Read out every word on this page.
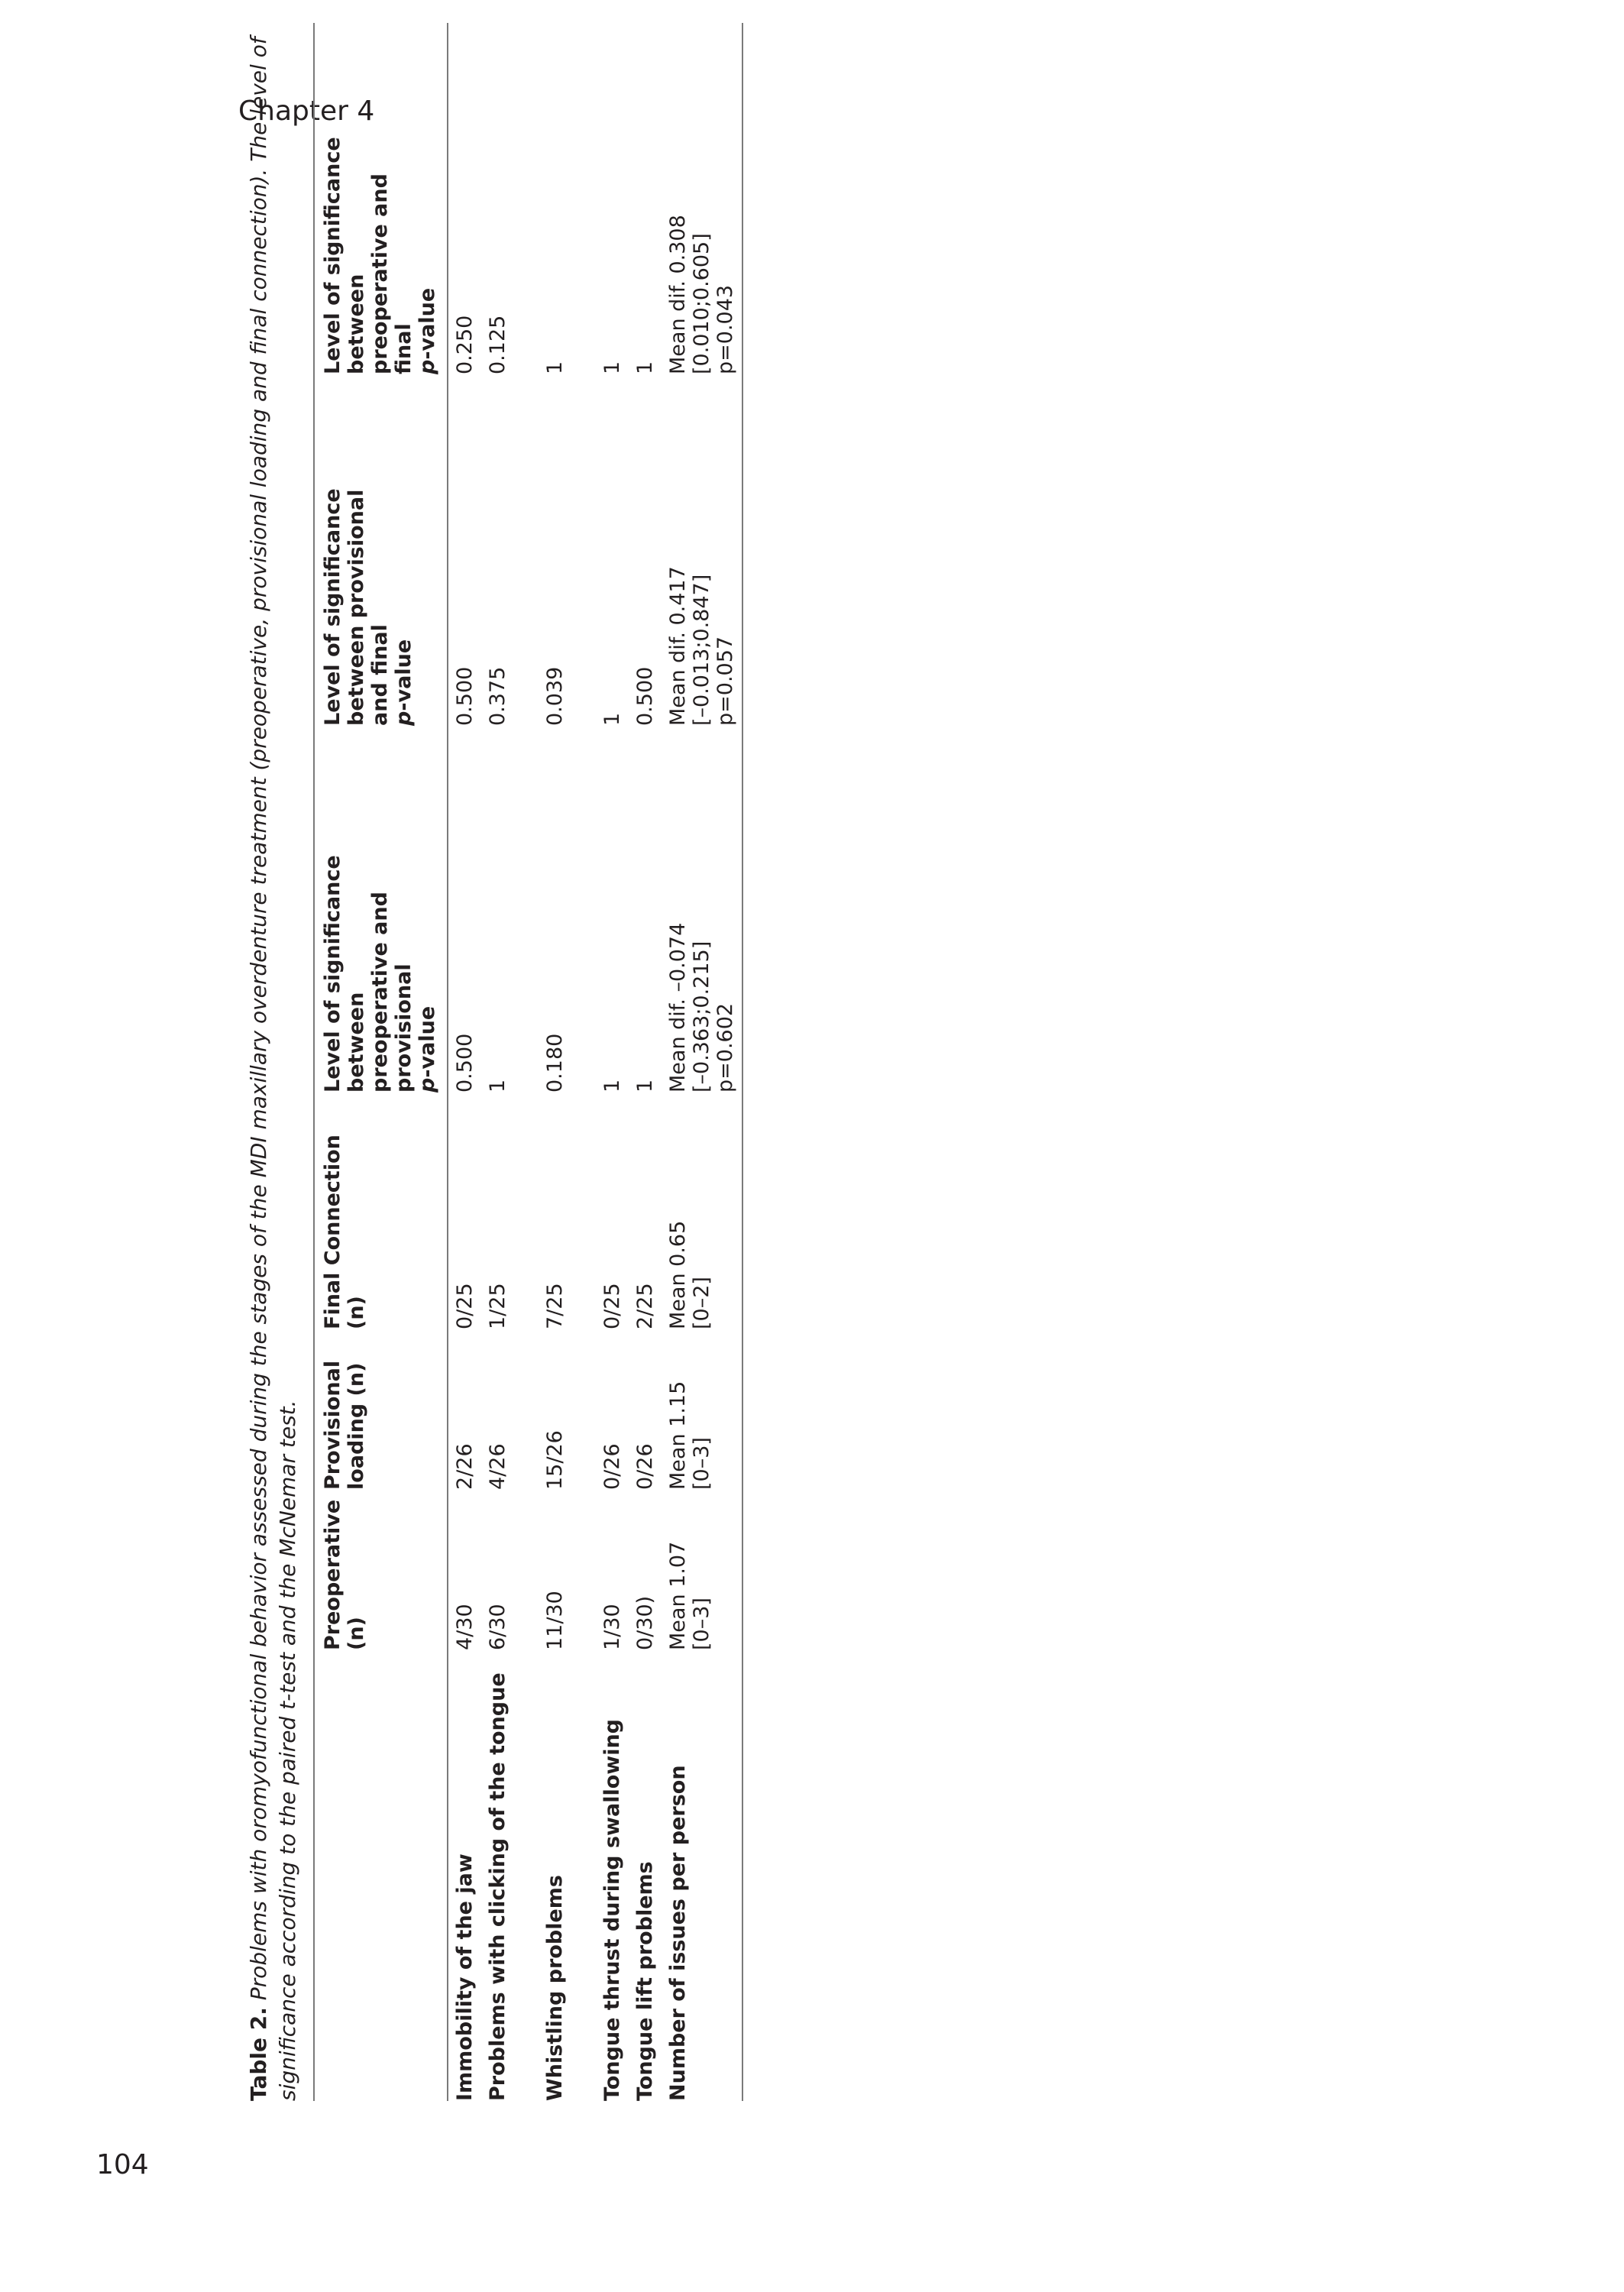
Chapter 4

Table 2. Problems with oromyofunctional behavior assessed during the stages of the MDI maxillary overdenture treatment (preoperative, provisional loading and final connection). The level of significance according to the paired t-test and the McNemar test.

	Preoperative (n)	Provisional loading (n)	Final Connection (n)	Level of significance between preoperative and provisional p-value	Level of significance between provisional and final p-value	Level of significance between preoperative and final p-value

Immobility of the jaw	4/30	2/26	0/25	0.500	0.500	0.250
Problems with clicking of the tongue	6/30	4/26	1/25	1	0.375	0.125
Whistling problems	11/30	15/26	7/25	0.180	0.039	1
Tongue thrust during swallowing	1/30	0/26	0/25	1	1	1
Tongue lift problems	0/30)	0/26	2/25	1	0.500	1
Number of issues per person	Mean 1.07 [0–3]	Mean 1.15 [0–3]	Mean 0.65 [0–2]	Mean dif. –0.074 [–0.363;0.215] p=0.602	Mean dif. 0.417 [–0.013;0.847] p=0.057	Mean dif. 0.308 [0.010;0.605] p=0.043
104
